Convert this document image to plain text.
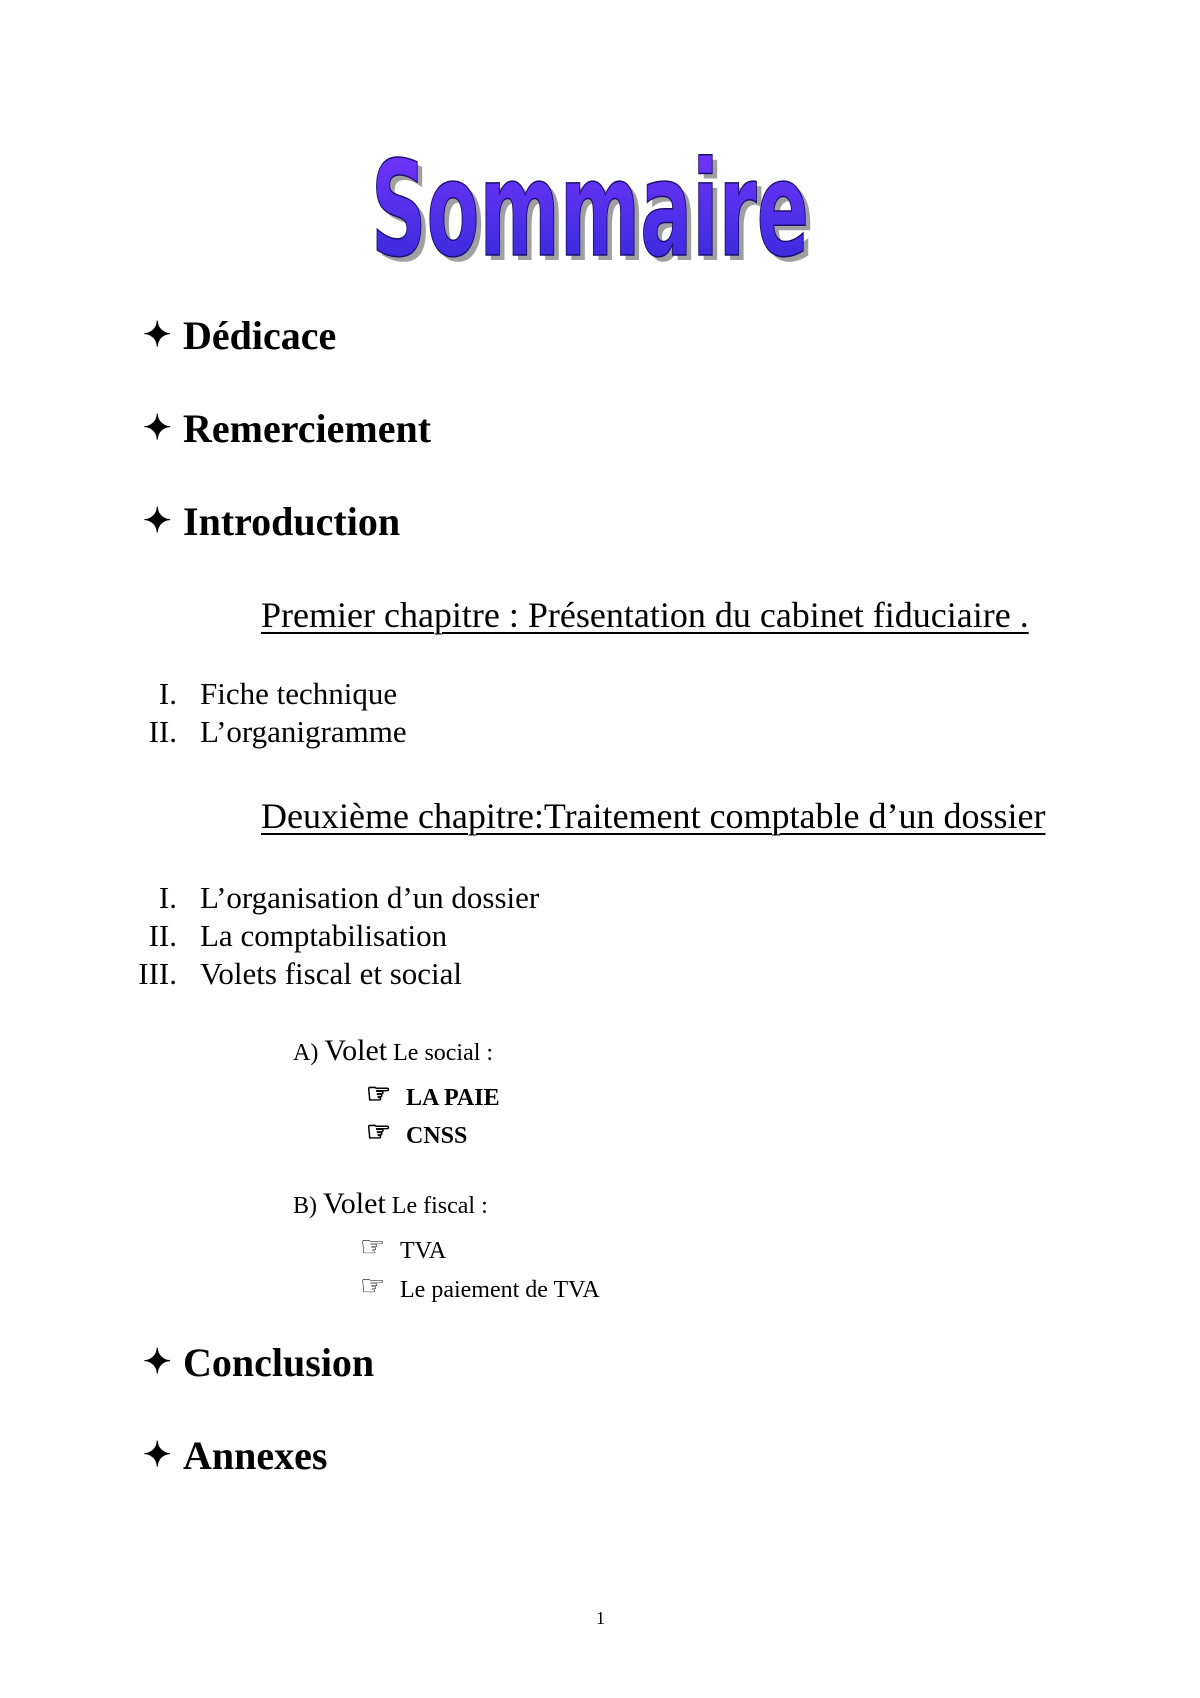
Sommaire
Sommaire
✦ Dédicace
✦ Remerciement
✦ Introduction
Premier chapitre : Présentation du cabinet fiduciaire .
I. Fiche technique
II. L’organigramme
Deuxième chapitre:Traitement comptable d’un dossier
I. L’organisation d’un dossier
II. La comptabilisation
III. Volets fiscal et social
A) Volet Le social :
☞ LA PAIE
☞ CNSS
B) Volet Le fiscal :
☞ TVA
☞ Le paiement de TVA
✦ Conclusion
✦ Annexes
1
